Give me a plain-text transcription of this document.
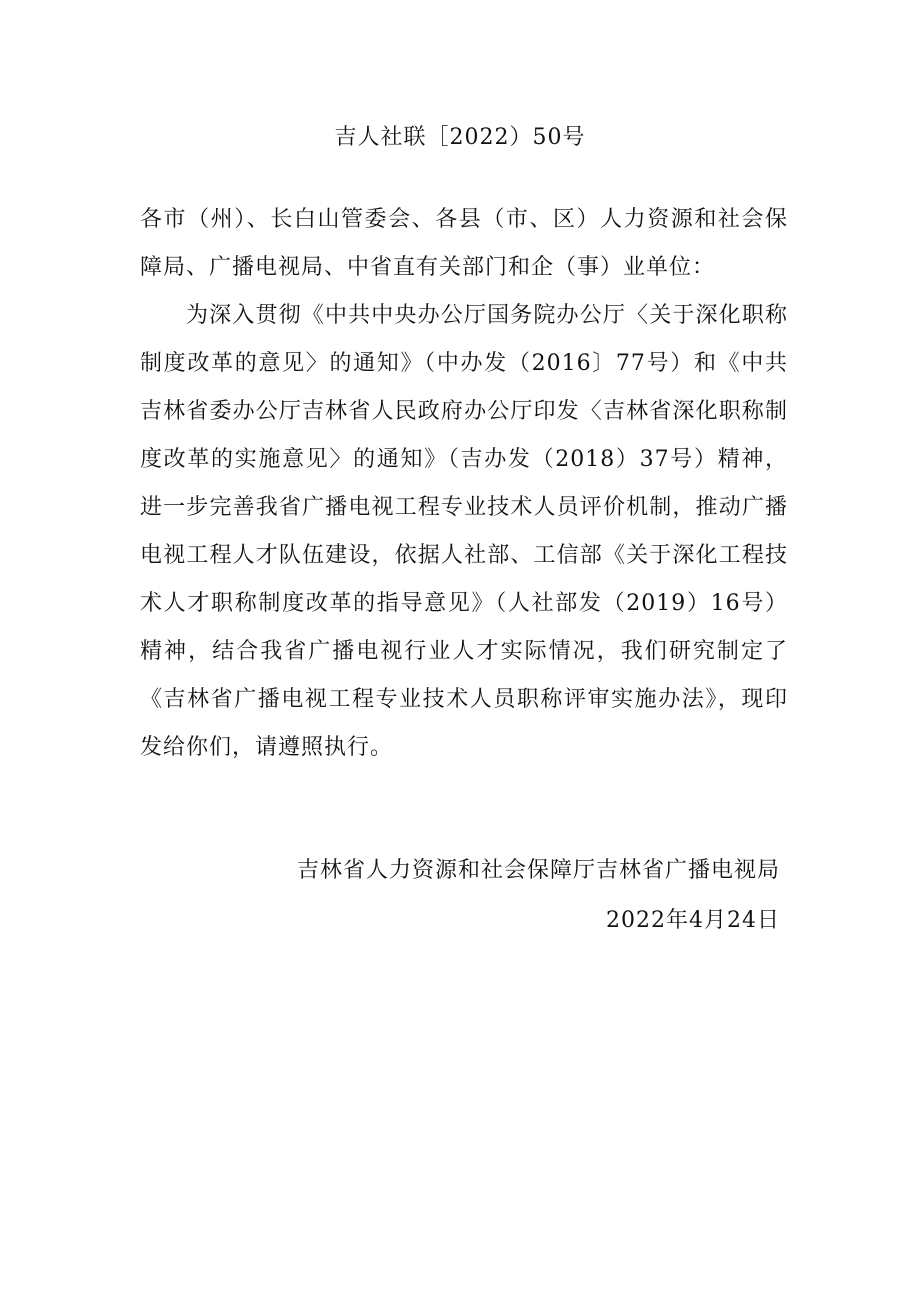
吉人社联［2022）50号
各市（州）、长白山管委会、各县（市、区）人力资源和社会保障局、广播电视局、中省直有关部门和企（事）业单位：
为深入贯彻《中共中央办公厅国务院办公厅〈关于深化职称制度改革的意见〉的通知》（中办发（2016〕77号）和《中共吉林省委办公厅吉林省人民政府办公厅印发〈吉林省深化职称制度改革的实施意见〉的通知》（吉办发（2018）37号）精神，进一步完善我省广播电视工程专业技术人员评价机制，推动广播电视工程人才队伍建设，依据人社部、工信部《关于深化工程技术人才职称制度改革的指导意见》（人社部发（2019）16号）精神，结合我省广播电视行业人才实际情况，我们研究制定了《吉林省广播电视工程专业技术人员职称评审实施办法》，现印发给你们，请遵照执行。
吉林省人力资源和社会保障厅吉林省广播电视局
2022年4月24日
